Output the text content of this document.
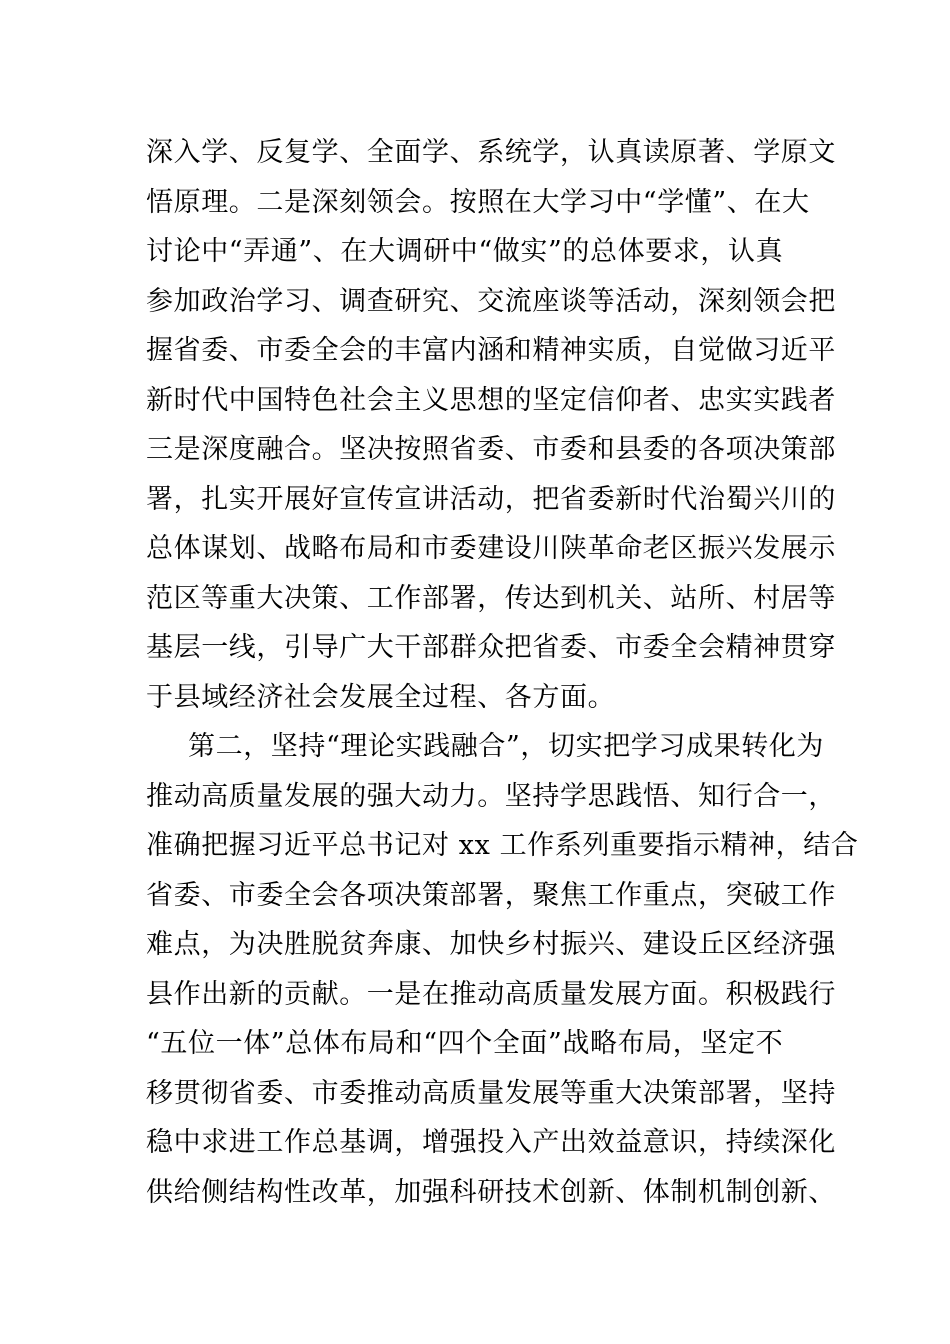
深入学、反复学、全面学、系统学，认真读原著、学原文
悟原理。二是深刻领会。按照在大学习中“学懂”、在大
讨论中“弄通”、在大调研中“做实”的总体要求，认真
参加政治学习、调查研究、交流座谈等活动，深刻领会把
握省委、市委全会的丰富内涵和精神实质，自觉做习近平
新时代中国特色社会主义思想的坚定信仰者、忠实实践者
三是深度融合。坚决按照省委、市委和县委的各项决策部
署，扎实开展好宣传宣讲活动，把省委新时代治蜀兴川的
总体谋划、战略布局和市委建设川陕革命老区振兴发展示
范区等重大决策、工作部署，传达到机关、站所、村居等
基层一线，引导广大干部群众把省委、市委全会精神贯穿
于县域经济社会发展全过程、各方面。
第二，坚持“理论实践融合”，切实把学习成果转化为
推动高质量发展的强大动力。坚持学思践悟、知行合一，
准确把握习近平总书记对 xx 工作系列重要指示精神，结合
省委、市委全会各项决策部署，聚焦工作重点，突破工作
难点，为决胜脱贫奔康、加快乡村振兴、建设丘区经济强
县作出新的贡献。一是在推动高质量发展方面。积极践行
“五位一体”总体布局和“四个全面”战略布局，坚定不
移贯彻省委、市委推动高质量发展等重大决策部署，坚持
稳中求进工作总基调，增强投入产出效益意识，持续深化
供给侧结构性改革，加强科研技术创新、体制机制创新、
